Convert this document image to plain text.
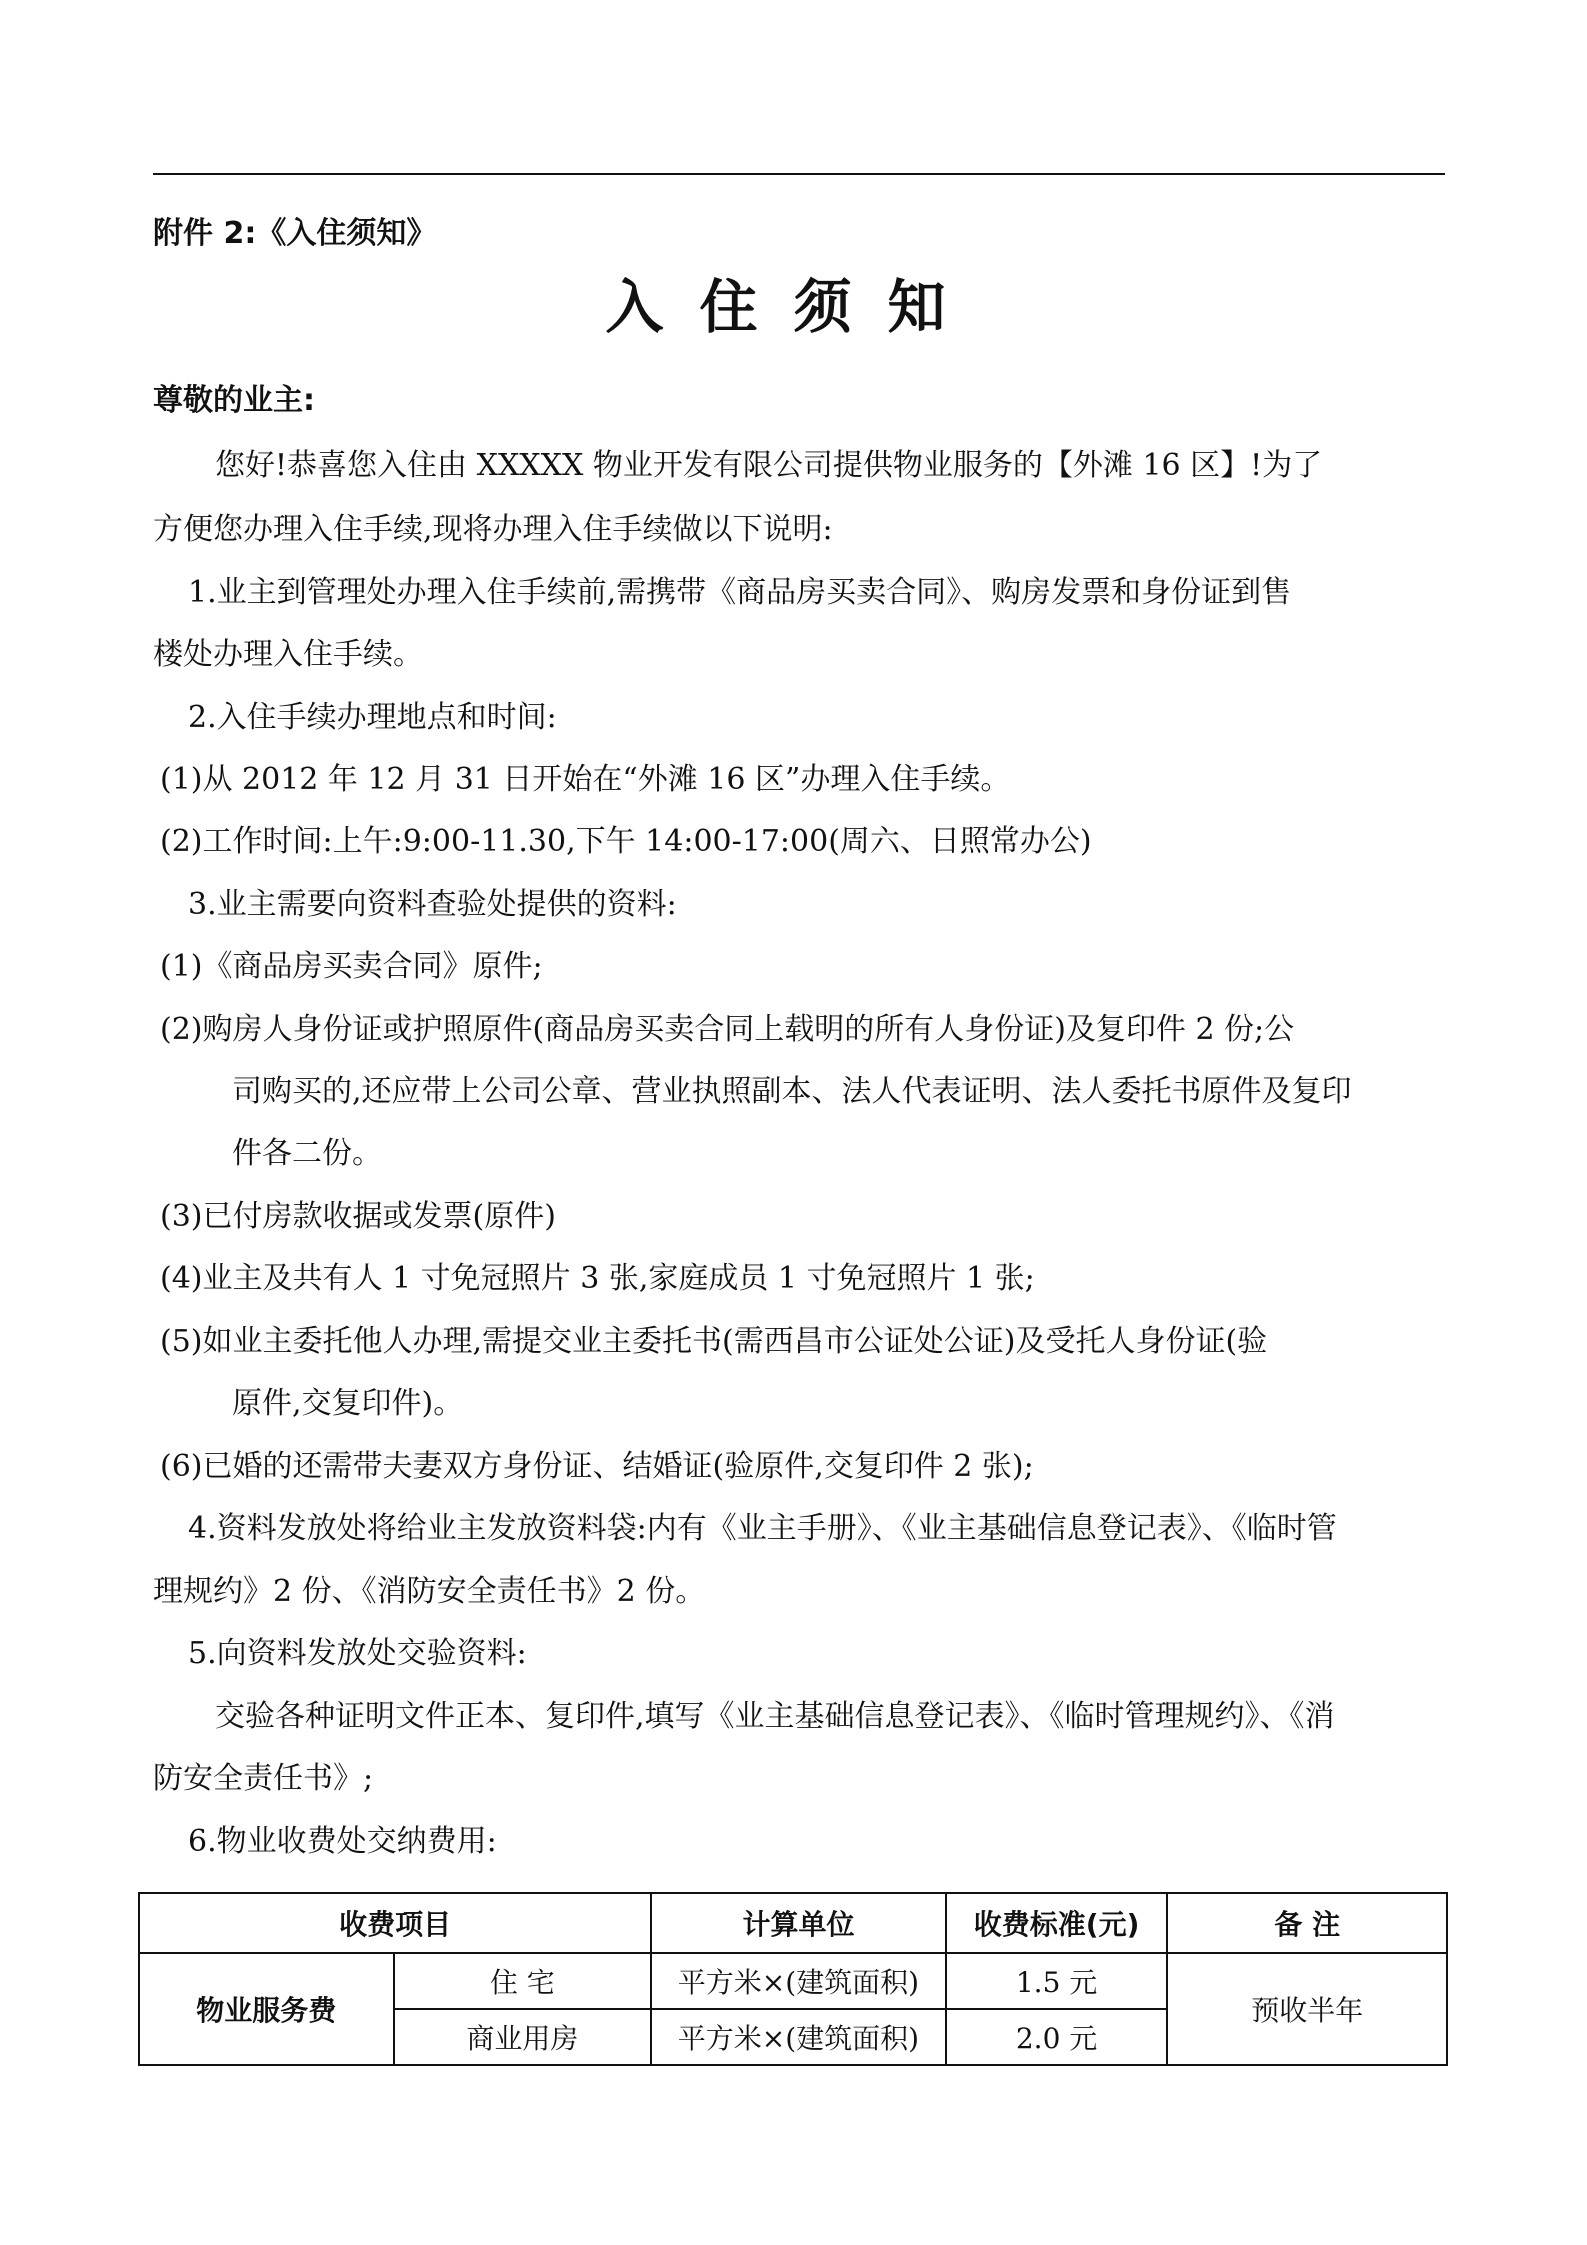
附件 2:《入住须知》
入住须知
尊敬的业主:
您好!恭喜您入住由 XXXXX 物业开发有限公司提供物业服务的【外滩 16 区】!为了
方便您办理入住手续,现将办理入住手续做以下说明:
1.业主到管理处办理入住手续前,需携带《商品房买卖合同》、购房发票和身份证到售
楼处办理入住手续。
2.入住手续办理地点和时间:
(1)从 2012 年 12 月 31 日开始在“外滩 16 区”办理入住手续。
(2)工作时间:上午:9:00-11.30,下午 14:00-17:00(周六、日照常办公)
3.业主需要向资料查验处提供的资料:
(1)《商品房买卖合同》原件;
(2)购房人身份证或护照原件(商品房买卖合同上载明的所有人身份证)及复印件 2 份;公
司购买的,还应带上公司公章、营业执照副本、法人代表证明、法人委托书原件及复印
件各二份。
(3)已付房款收据或发票(原件)
(4)业主及共有人 1 寸免冠照片 3 张,家庭成员 1 寸免冠照片 1 张;
(5)如业主委托他人办理,需提交业主委托书(需西昌市公证处公证)及受托人身份证(验
原件,交复印件)。
(6)已婚的还需带夫妻双方身份证、结婚证(验原件,交复印件 2 张);
4.资料发放处将给业主发放资料袋:内有《业主手册》、《业主基础信息登记表》、《临时管
理规约》2 份、《消防安全责任书》2 份。
5.向资料发放处交验资料:
交验各种证明文件正本、复印件,填写《业主基础信息登记表》、《临时管理规约》、《消
防安全责任书》;
6.物业收费处交纳费用:
收费项目		计算单位	收费标准(元)	备 注
物业服务费	住 宅	平方米×(建筑面积)	1.5 元	预收半年
	商业用房	平方米×(建筑面积)	2.0 元	
